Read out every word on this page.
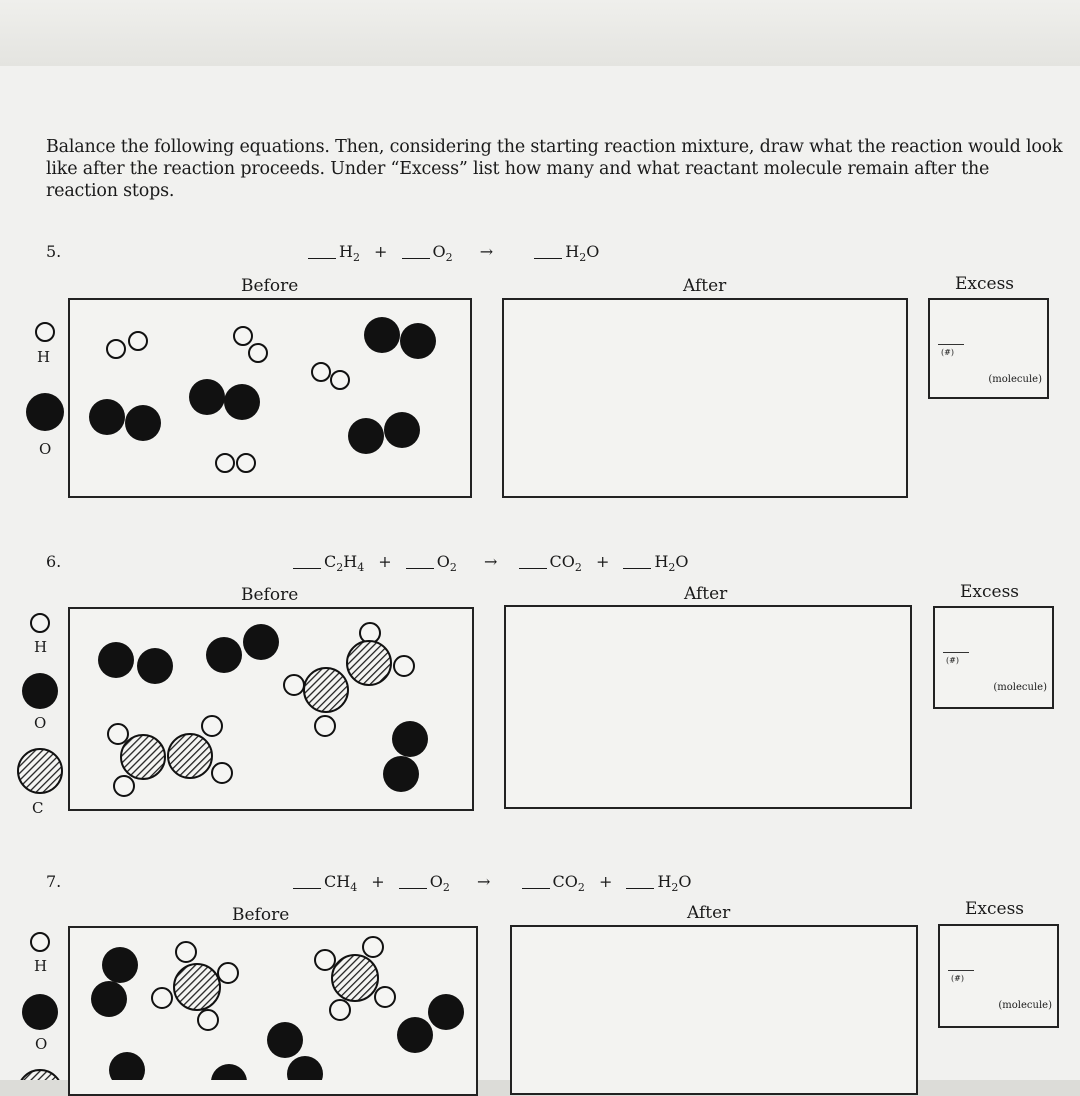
Balance the following equations. Then, considering the starting reaction mixture, draw what the reaction would look like after the reaction proceeds. Under “Excess” list how many and what reactant molecule remain after the reaction stops.
5.	$H_2$ +	$O_2$ →	$H_2O$
Before	After	Excess
(#)
(molecule)
6.	$C_2H_4$ +	$O_2$ →	$CO_2$ +	$H_2O$
Before	After	Excess
(#)
(molecule)
7.	$CH_4$ +	$O_2$ →	$CO_2$ +	$H_2O$
Before	After	Excess
(#)
(molecule)
H
O
H
O
C
H
O
